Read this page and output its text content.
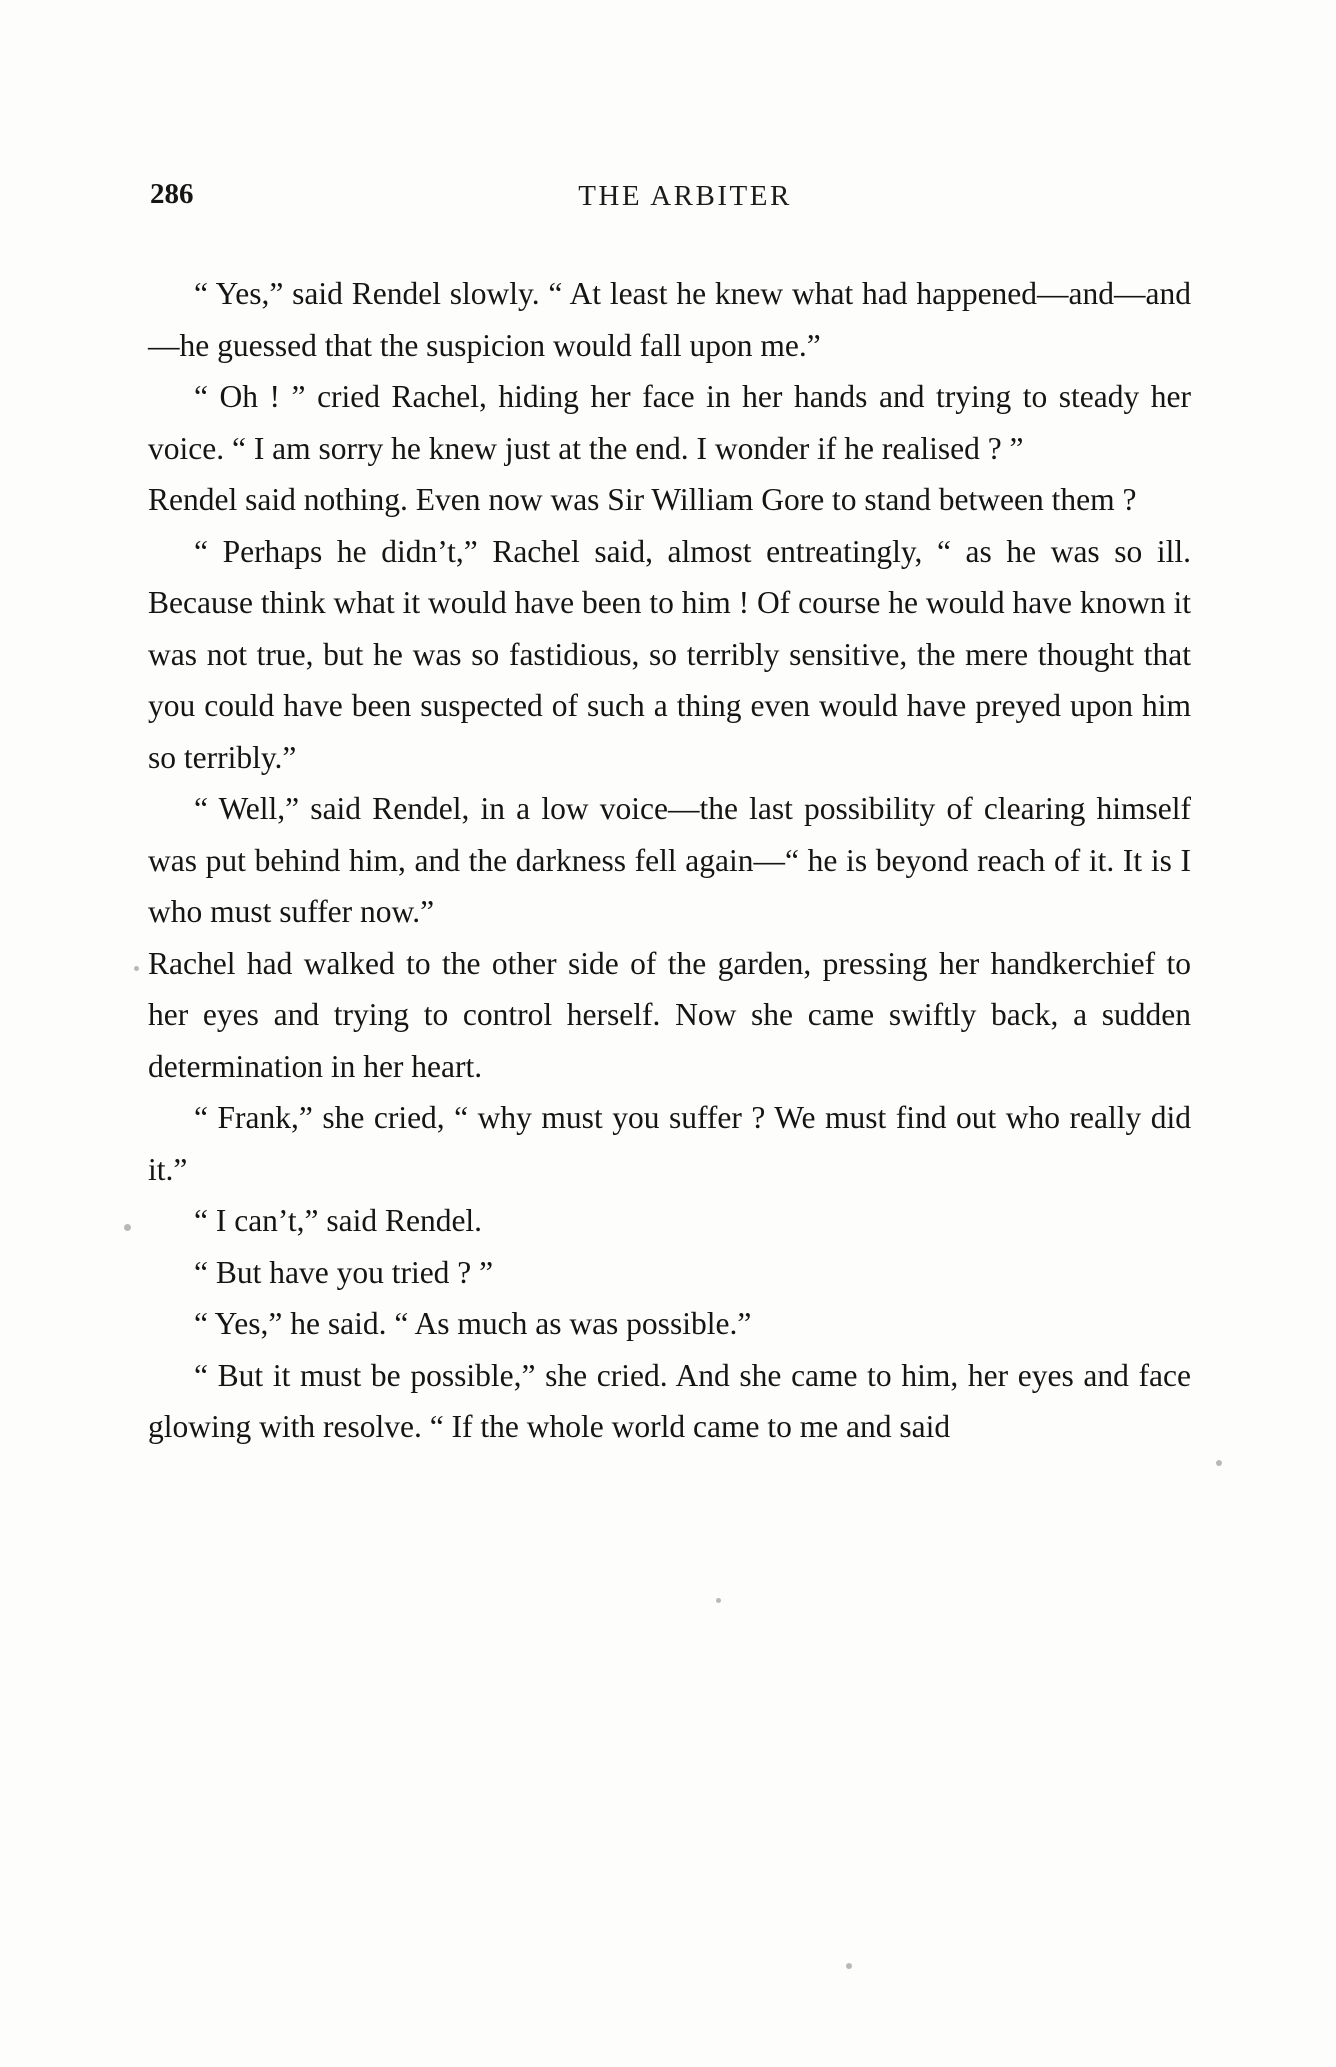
286	THE ARBITER

“ Yes,” said Rendel slowly. “ At least he knew what had happened—and—and—he guessed that the suspicion would fall upon me.”

“ Oh ! ” cried Rachel, hiding her face in her hands and trying to steady her voice. “ I am sorry he knew just at the end. I wonder if he realised ? ”

Rendel said nothing. Even now was Sir William Gore to stand between them ?

“ Perhaps he didn’t,” Rachel said, almost entreatingly, “ as he was so ill. Because think what it would have been to him ! Of course he would have known it was not true, but he was so fastidious, so terribly sensitive, the mere thought that you could have been suspected of such a thing even would have preyed upon him so terribly.”

“ Well,” said Rendel, in a low voice—the last possibility of clearing himself was put behind him, and the darkness fell again—“ he is beyond reach of it. It is I who must suffer now.”

Rachel had walked to the other side of the garden, pressing her handkerchief to her eyes and trying to control herself. Now she came swiftly back, a sudden determination in her heart.

“ Frank,” she cried, “ why must you suffer ? We must find out who really did it.”

“ I can’t,” said Rendel.

“ But have you tried ? ”

“ Yes,” he said. “ As much as was possible.”

“ But it must be possible,” she cried. And she came to him, her eyes and face glowing with resolve. “ If the whole world came to me and said
